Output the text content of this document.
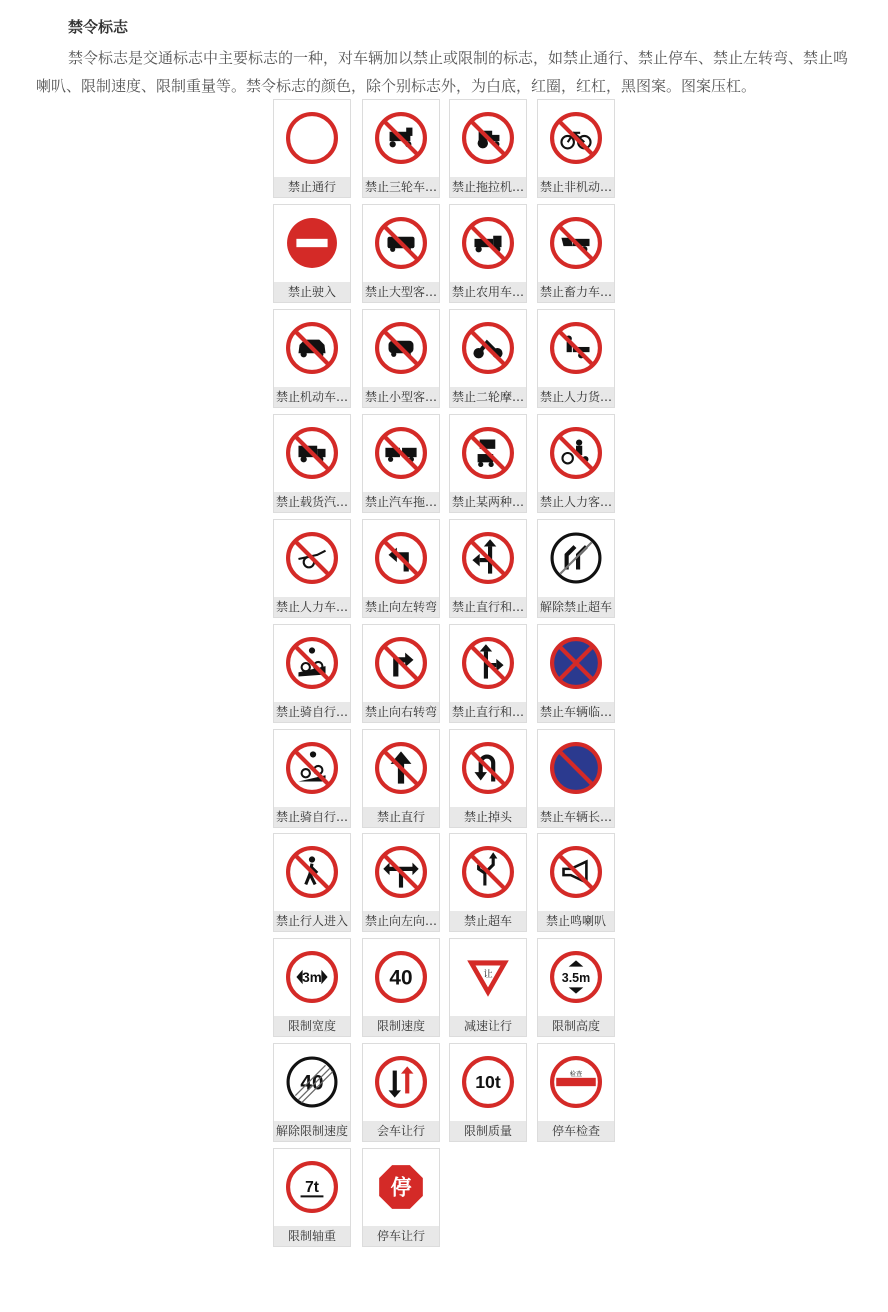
禁令标志

禁令标志是交通标志中主要标志的一种，对车辆加以禁止或限制的标志，如禁止通行、禁止停车、禁止左转弯、禁止鸣喇叭、限制速度、限制重量等。禁令标志的颜色，除个别标志外，为白底，红圈，红杠，黑图案。图案压杠。

禁止通行	禁止三轮车… 禁止拖拉机… 禁止非机动…
禁止驶入	禁止大型客… 禁止农用车… 禁止畜力车…
禁止机动车… 禁止小型客… 禁止二轮摩… 禁止人力货…
禁止载货汽… 禁止汽车拖… 禁止某两种… 禁止人力客…
禁止人力车… 禁止向左转弯 禁止直行和… 解除禁止超车
禁止骑自行… 禁止向右转弯 禁止直行和… 禁止车辆临…
禁止骑自行…	禁止直行	禁止掉头	禁止车辆长…
禁止行人进入 禁止向左向…	禁止超车	禁止鸣喇叭
3m
限制宽度
40
限制速度
让
减速让行
3.5m
限制高度
40
解除限制速度	会车让行
10t
限制质量
检查
停车检查
7t
限制轴重
停
停车让行
